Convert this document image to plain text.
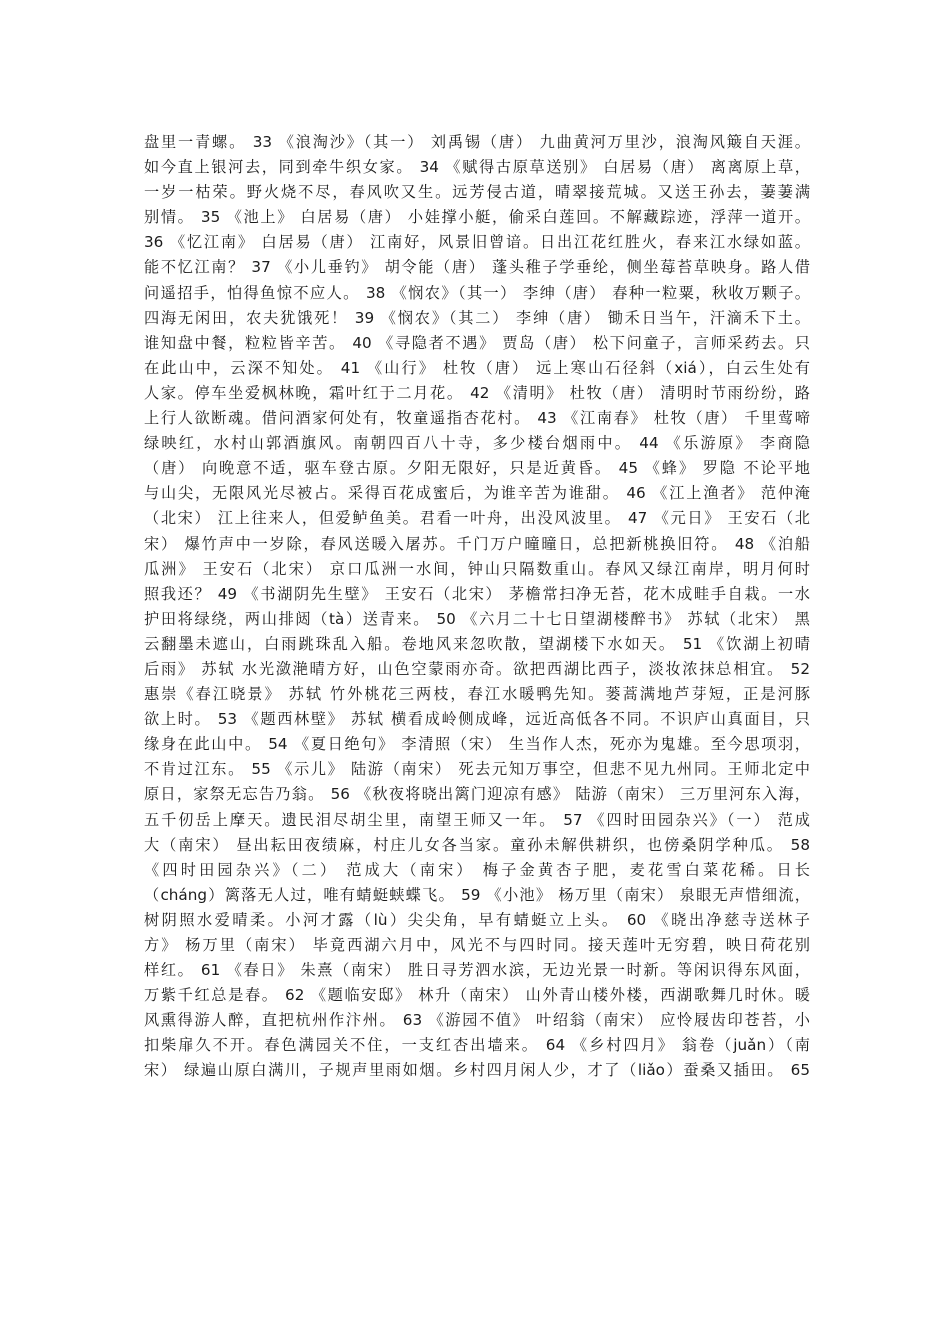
盘里一青螺。 33 《浪淘沙》（其一） 刘禹锡（唐） 九曲黄河万里沙，浪淘风簸自天涯。
如今直上银河去，同到牵牛织女家。 34 《赋得古原草送别》 白居易（唐） 离离原上草，
一岁一枯荣。野火烧不尽，春风吹又生。远芳侵古道，晴翠接荒城。又送王孙去，萋萋满
别情。 35 《池上》 白居易（唐） 小娃撑小艇，偷采白莲回。不解藏踪迹，浮萍一道开。
36 《忆江南》 白居易（唐） 江南好，风景旧曾谙。日出江花红胜火，春来江水绿如蓝。
能不忆江南？ 37 《小儿垂钓》 胡令能（唐） 蓬头稚子学垂纶，侧坐莓苔草映身。路人借
问遥招手，怕得鱼惊不应人。 38 《悯农》（其一） 李绅（唐） 春种一粒粟，秋收万颗子。
四海无闲田，农夫犹饿死！ 39 《悯农》（其二） 李绅（唐） 锄禾日当午，汗滴禾下土。
谁知盘中餐，粒粒皆辛苦。 40 《寻隐者不遇》 贾岛（唐） 松下问童子，言师采药去。只
在此山中，云深不知处。 41 《山行》 杜牧（唐） 远上寒山石径斜（xiá），白云生处有
人家。停车坐爱枫林晚，霜叶红于二月花。 42 《清明》 杜牧（唐） 清明时节雨纷纷，路
上行人欲断魂。借问酒家何处有，牧童遥指杏花村。 43 《江南春》 杜牧（唐） 千里莺啼
绿映红，水村山郭酒旗风。南朝四百八十寺，多少楼台烟雨中。 44 《乐游原》 李商隐
（唐） 向晚意不适，驱车登古原。夕阳无限好，只是近黄昏。 45 《蜂》 罗隐 不论平地
与山尖，无限风光尽被占。采得百花成蜜后，为谁辛苦为谁甜。 46 《江上渔者》 范仲淹
（北宋） 江上往来人，但爱鲈鱼美。君看一叶舟，出没风波里。 47 《元日》 王安石（北
宋） 爆竹声中一岁除，春风送暖入屠苏。千门万户曈曈日，总把新桃换旧符。 48 《泊船
瓜洲》 王安石（北宋） 京口瓜洲一水间，钟山只隔数重山。春风又绿江南岸，明月何时
照我还？ 49 《书湖阴先生壁》 王安石（北宋） 茅檐常扫净无苔，花木成畦手自栽。一水
护田将绿绕，两山排闼（tà）送青来。 50 《六月二十七日望湖楼醉书》 苏轼（北宋） 黑
云翻墨未遮山，白雨跳珠乱入船。卷地风来忽吹散，望湖楼下水如天。 51 《饮湖上初晴
后雨》 苏轼 水光潋滟晴方好，山色空蒙雨亦奇。欲把西湖比西子，淡妆浓抹总相宜。 52
惠崇《春江晓景》 苏轼 竹外桃花三两枝，春江水暖鸭先知。蒌蒿满地芦芽短，正是河豚
欲上时。 53 《题西林壁》 苏轼 横看成岭侧成峰，远近高低各不同。不识庐山真面目，只
缘身在此山中。 54 《夏日绝句》 李清照（宋） 生当作人杰，死亦为鬼雄。至今思项羽，
不肯过江东。 55 《示儿》 陆游（南宋） 死去元知万事空，但悲不见九州同。王师北定中
原日，家祭无忘告乃翁。 56 《秋夜将晓出篱门迎凉有感》 陆游（南宋） 三万里河东入海，
五千仞岳上摩天。遗民泪尽胡尘里，南望王师又一年。 57 《四时田园杂兴》（一） 范成
大（南宋） 昼出耘田夜绩麻，村庄儿女各当家。童孙未解供耕织，也傍桑阴学种瓜。 58
《四时田园杂兴》（二） 范成大（南宋） 梅子金黄杏子肥，麦花雪白菜花稀。日长
（cháng）篱落无人过，唯有蜻蜓蛱蝶飞。 59 《小池》 杨万里（南宋） 泉眼无声惜细流，
树阴照水爱晴柔。小河才露（lù）尖尖角，早有蜻蜓立上头。 60 《晓出净慈寺送林子
方》 杨万里（南宋） 毕竟西湖六月中，风光不与四时同。接天莲叶无穷碧，映日荷花别
样红。 61 《春日》 朱熹（南宋） 胜日寻芳泗水滨，无边光景一时新。等闲识得东风面，
万紫千红总是春。 62 《题临安邸》 林升（南宋） 山外青山楼外楼，西湖歌舞几时休。暖
风熏得游人醉，直把杭州作汴州。 63 《游园不值》 叶绍翁（南宋） 应怜屐齿印苍苔，小
扣柴扉久不开。春色满园关不住，一支红杏出墙来。 64 《乡村四月》 翁卷（juǎn）（南
宋） 绿遍山原白满川，子规声里雨如烟。乡村四月闲人少，才了（liǎo）蚕桑又插田。 65
